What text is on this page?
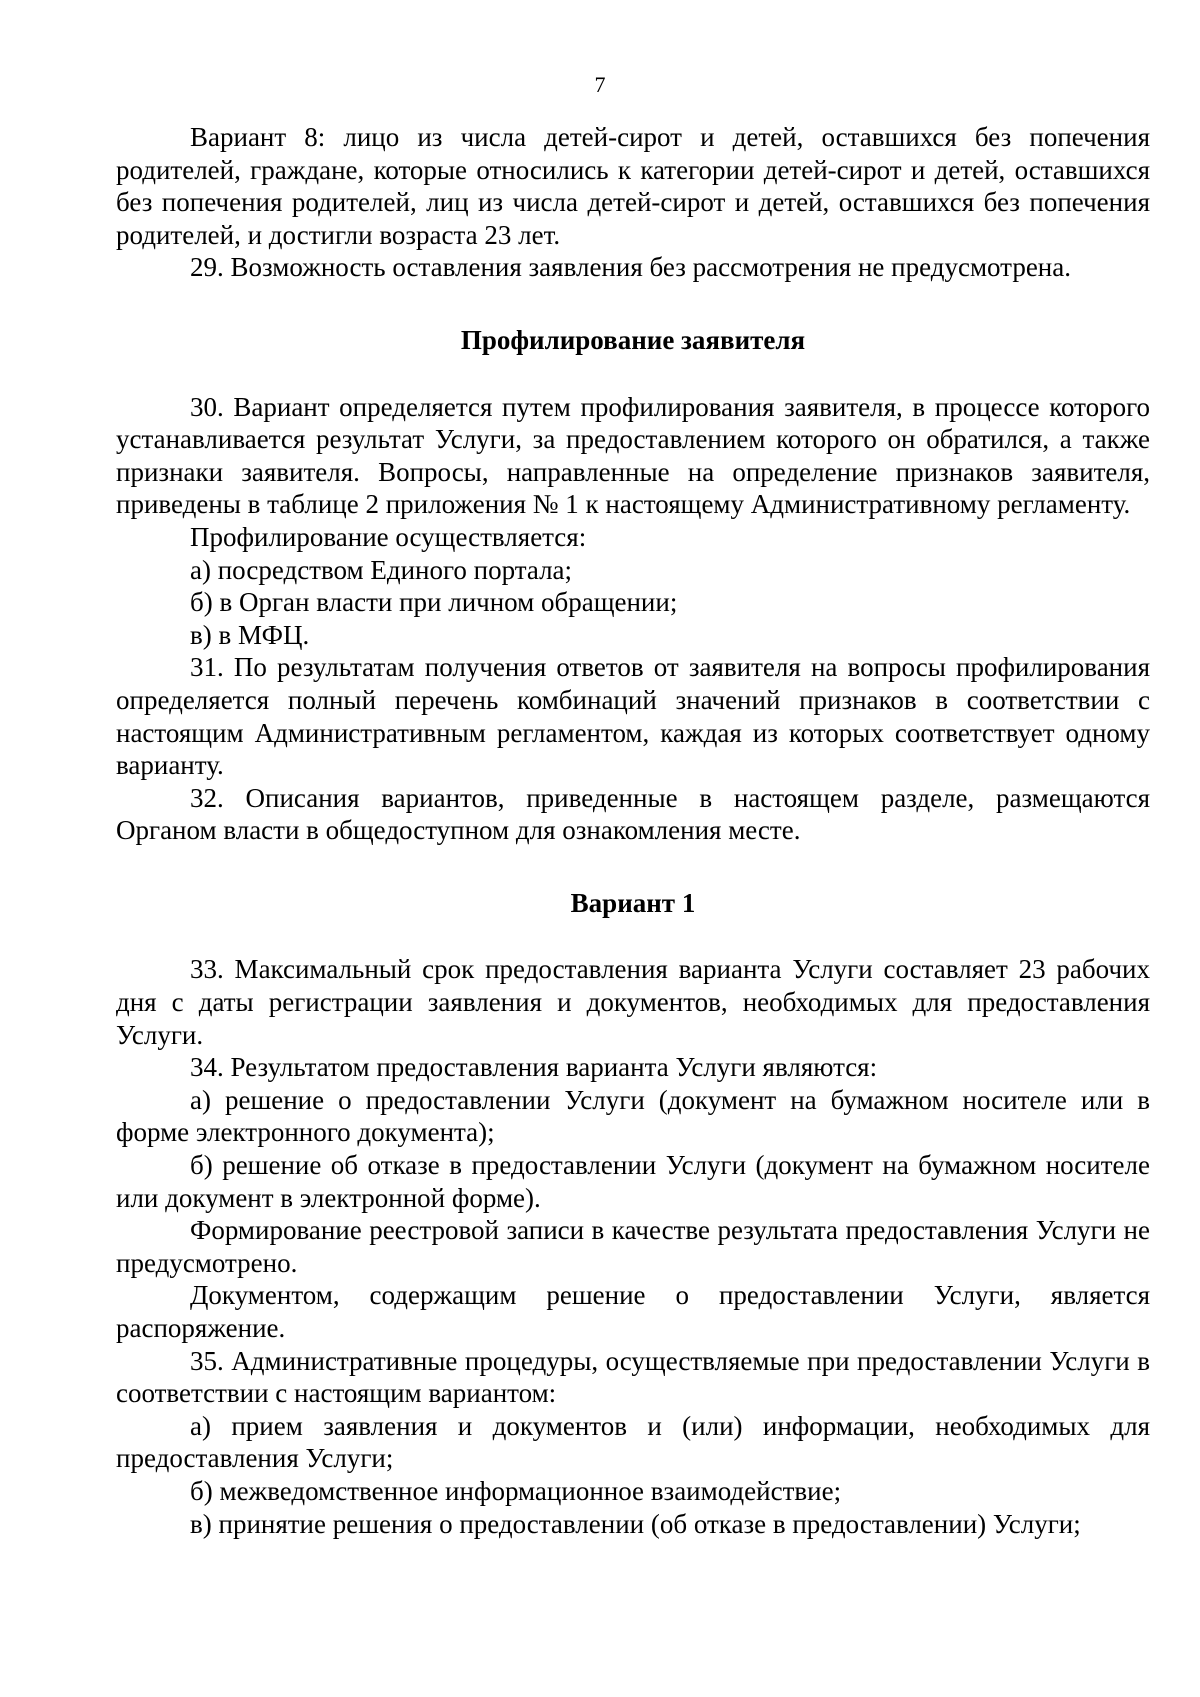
7

Вариант 8: лицо из числа детей-сирот и детей, оставшихся без попечения родителей, граждане, которые относились к категории детей-сирот и детей, оставшихся без попечения родителей, лиц из числа детей-сирот и детей, оставшихся без попечения родителей, и достигли возраста 23 лет.

29. Возможность оставления заявления без рассмотрения не предусмотрена.

Профилирование заявителя

30. Вариант определяется путем профилирования заявителя, в процессе которого устанавливается результат Услуги, за предоставлением которого он обратился, а также признаки заявителя. Вопросы, направленные на определение признаков заявителя, приведены в таблице 2 приложения № 1 к настоящему Административному регламенту.

Профилирование осуществляется:

а) посредством Единого портала;

б) в Орган власти при личном обращении;

в) в МФЦ.

31. По результатам получения ответов от заявителя на вопросы профилирования определяется полный перечень комбинаций значений признаков в соответствии с настоящим Административным регламентом, каждая из которых соответствует одному варианту.

32. Описания вариантов, приведенные в настоящем разделе, размещаются Органом власти в общедоступном для ознакомления месте.

Вариант 1

33. Максимальный срок предоставления варианта Услуги составляет 23 рабочих дня с даты регистрации заявления и документов, необходимых для предоставления Услуги.

34. Результатом предоставления варианта Услуги являются:

а) решение о предоставлении Услуги (документ на бумажном носителе или в форме электронного документа);

б) решение об отказе в предоставлении Услуги (документ на бумажном носителе или документ в электронной форме).

Формирование реестровой записи в качестве результата предоставления Услуги не предусмотрено.

Документом, содержащим решение о предоставлении Услуги, является распоряжение.

35. Административные процедуры, осуществляемые при предоставлении Услуги в соответствии с настоящим вариантом:

а) прием заявления и документов и (или) информации, необходимых для предоставления Услуги;

б) межведомственное информационное взаимодействие;

в) принятие решения о предоставлении (об отказе в предоставлении) Услуги;
